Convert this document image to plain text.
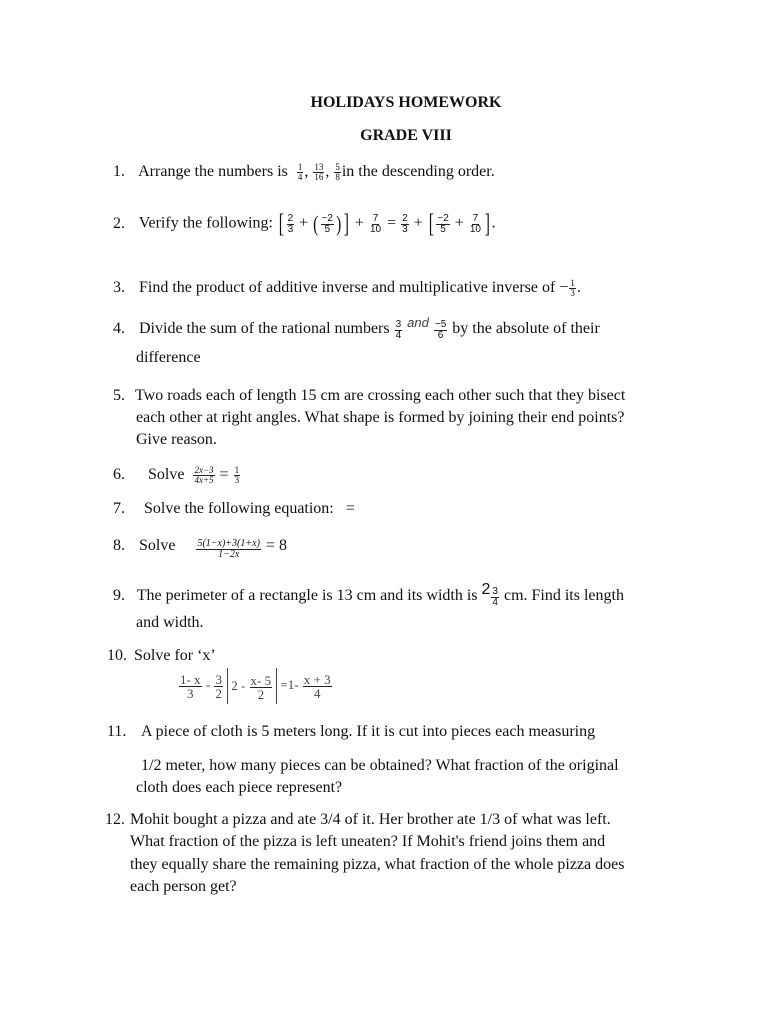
HOLIDAYS HOMEWORK
GRADE VIII
1. Arrange the numbers is $\frac{1}{4}$ , $\frac{13}{16}$ , $\frac{5}{8}$ in the descending order.
2. Verify the following: [ $\frac{2}{3}$ + ( $\frac{-2}{5}$ ) ] + $\frac{7}{10} = \frac{2}{3}$ + [ $\frac{-2}{5} + \frac{7}{10}$ ] .
3. Find the product of additive inverse and multiplicative inverse of − $\frac{1}{3}$ .
4. Divide the sum of the rational numbers $\frac{3}{4} ^{and} \frac{-5}{6}$ by the absolute of their
difference
5. Two roads each of length 15 cm are crossing each other such that they bisect
each other at right angles. What shape is formed by joining their end points?
Give reason.
6. Solve $\frac{2x-3}{4x+5} = \frac{1}{3}$
7. Solve the following equation: =
8. Solve $\frac{5(1-x)+3(1+x)}{1-2x} = 8$
9. The perimeter of a rectangle is 13 cm and its width is $2 \frac{3}{4}$ cm. Find its length
and width.
10. Solve for ‘x’
$\frac{1- x}{3} - \frac{3}{2} 2 - \frac{x- 5}{2} =1- \frac{x + 3}{4}$
11. A piece of cloth is 5 meters long. If it is cut into pieces each measuring
1/2 meter, how many pieces can be obtained? What fraction of the original
cloth does each piece represent?
12. Mohit bought a pizza and ate 3/4 of it. Her brother ate 1/3 of what was left.
What fraction of the pizza is left uneaten? If Mohit's friend joins them and
they equally share the remaining pizza, what fraction of the whole pizza does
each person get?
